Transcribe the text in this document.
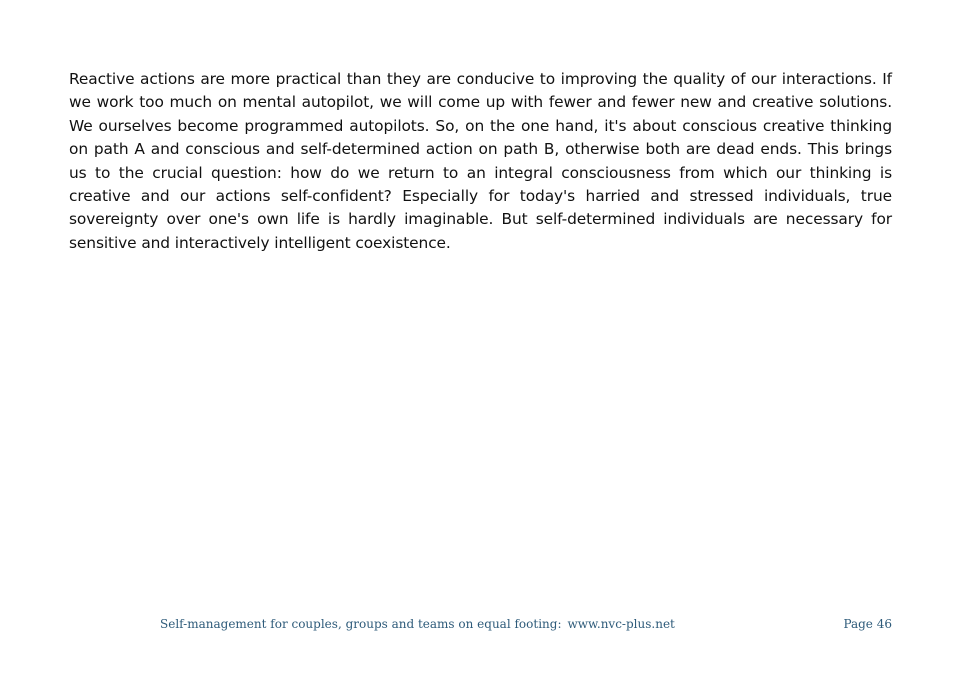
Reactive actions are more practical than they are conducive to improving the quality of our interactions. If we work too much on mental autopilot, we will come up with fewer and fewer new and creative solutions. We ourselves become programmed autopilots. So, on the one hand, it's about conscious creative thinking on path A and conscious and self-determined action on path B, otherwise both are dead ends. This brings us to the crucial question: how do we return to an integral consciousness from which our thinking is creative and our actions self-confident? Especially for today's harried and stressed individuals, true sovereignty over one's own life is hardly imaginable. But self-determined individuals are necessary for sensitive and interactively intelligent coexistence.

Self-management for couples, groups and teams on equal footing: www.nvc-plus.net	Page 46
